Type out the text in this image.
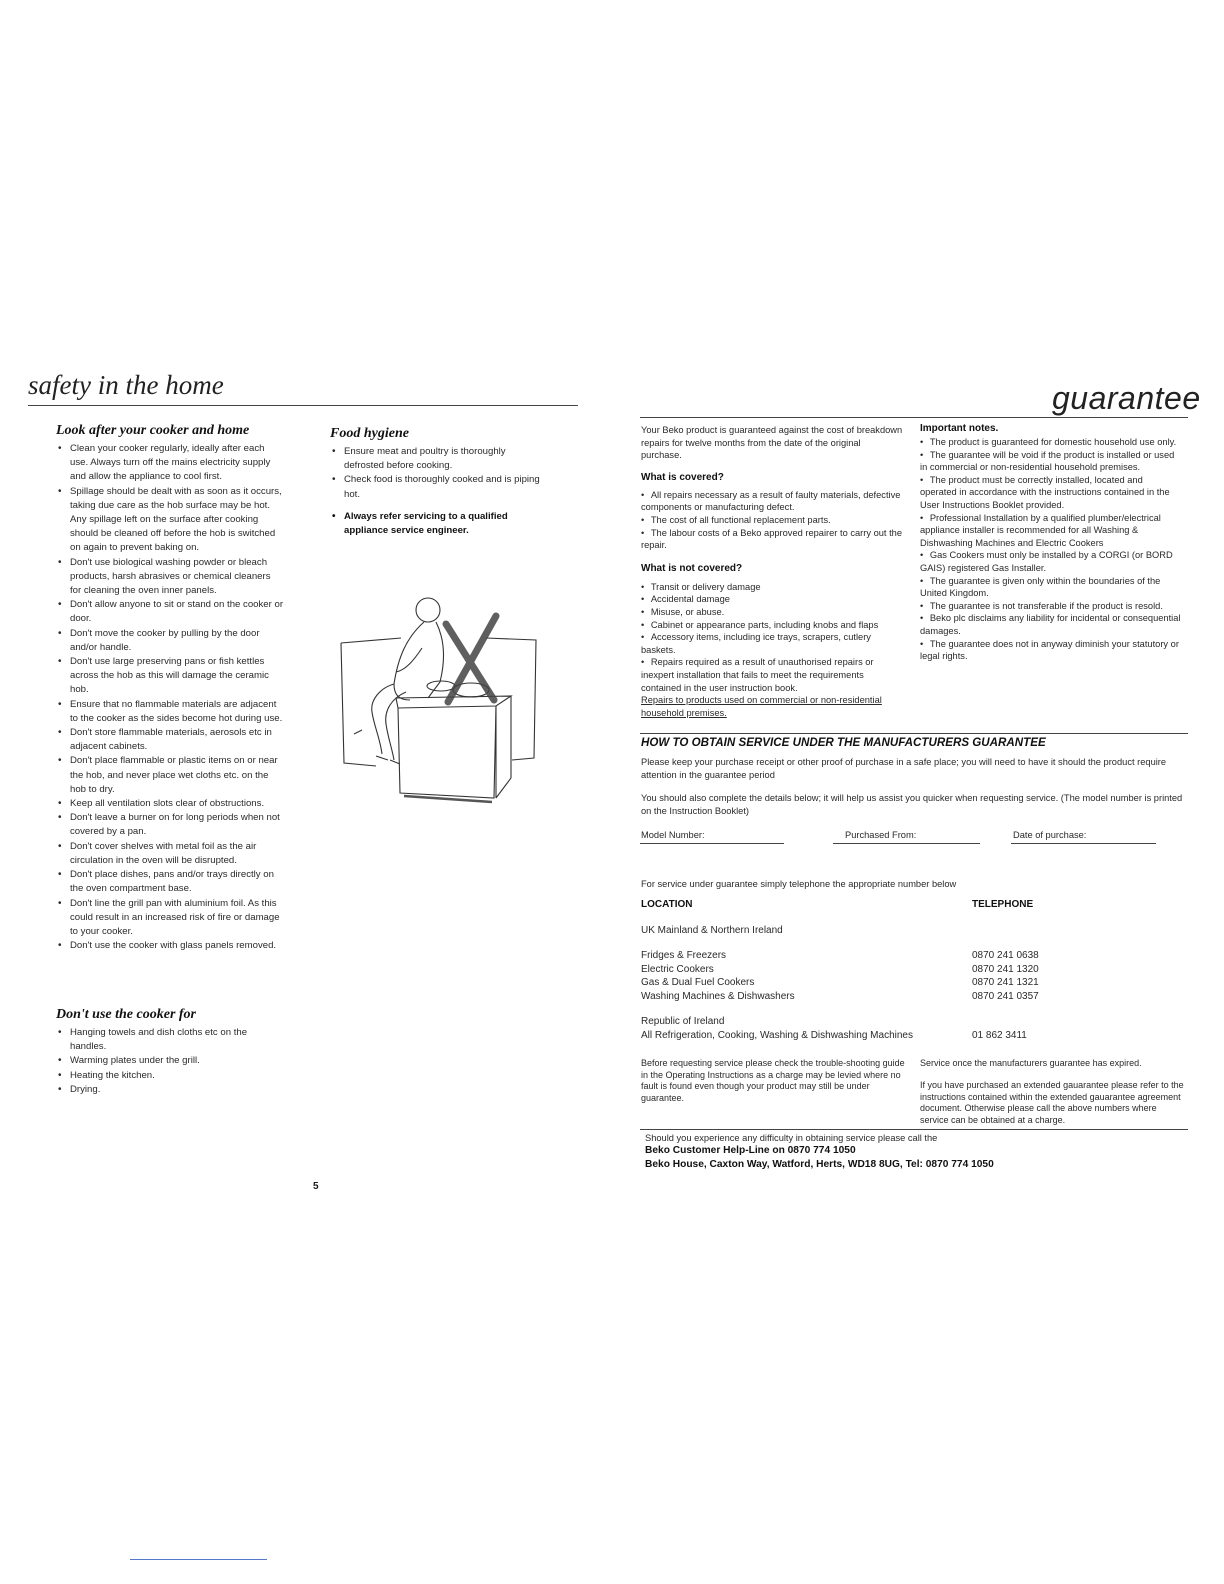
safety in the home
Look after your cooker and home
• Clean your cooker regularly, ideally after each use. Always turn off the mains electricity supply and allow the appliance to cool first.
• Spillage should be dealt with as soon as it occurs, taking due care as the hob surface may be hot. Any spillage left on the surface after cooking should be cleaned off before the hob is switched on again to prevent baking on.
• Don't use biological washing powder or bleach products, harsh abrasives or chemical cleaners for cleaning the oven inner panels.
• Don't allow anyone to sit or stand on the cooker or door.
• Don't move the cooker by pulling by the door and/or handle.
• Don't use large preserving pans or fish kettles across the hob as this will damage the ceramic hob.
• Ensure that no flammable materials are adjacent to the cooker as the sides become hot during use.
• Don't store flammable materials, aerosols etc in adjacent cabinets.
• Don't place flammable or plastic items on or near the hob, and never place wet cloths etc. on the hob to dry.
• Keep all ventilation slots clear of obstructions.
• Don't leave a burner on for long periods when not covered by a pan.
• Don't cover shelves with metal foil as the air circulation in the oven will be disrupted.
• Don't place dishes, pans and/or trays directly on the oven compartment base.
• Don't line the grill pan with aluminium foil. As this could result in an increased risk of fire or damage to your cooker.
• Don't use the cooker with glass panels removed.
Don't use the cooker for
• Hanging towels and dish cloths etc on the handles.
• Warming plates under the grill.
• Heating the kitchen.
• Drying.
Food hygiene
• Ensure meat and poultry is thoroughly defrosted before cooking.
• Check food is thoroughly cooked and is piping hot.
• Always refer servicing to a qualified appliance service engineer.
5
guarantee
Your Beko product is guaranteed against the cost of breakdown repairs for twelve months from the date of the original purchase.
What is covered?
• All repairs necessary as a result of faulty materials, defective components or manufacturing defect.
• The cost of all functional replacement parts.
• The labour costs of a Beko approved repairer to carry out the repair.
What is not covered?
• Transit or delivery damage
• Accidental damage
• Misuse, or abuse.
• Cabinet or appearance parts, including knobs and flaps
• Accessory items, including ice trays, scrapers, cutlery baskets.
• Repairs required as a result of unauthorised repairs or inexpert installation that fails to meet the requirements contained in the user instruction book.
Repairs to products used on commercial or non-residential household premises.
Important notes.
• The product is guaranteed for domestic household use only.
• The guarantee will be void if the product is installed or used in commercial or non-residential household premises.
• The product must be correctly installed, located and operated in accordance with the instructions contained in the User Instructions Booklet provided.
• Professional Installation by a qualified plumber/electrical appliance installer is recommended for all Washing & Dishwashing Machines and Electric Cookers
• Gas Cookers must only be installed by a CORGI (or BORD GAIS) registered Gas Installer.
• The guarantee is given only within the boundaries of the United Kingdom.
• The guarantee is not transferable if the product is resold.
• Beko plc disclaims any liability for incidental or consequential damages.
• The guarantee does not in anyway diminish your statutory or legal rights.
HOW TO OBTAIN SERVICE UNDER THE MANUFACTURERS GUARANTEE
Please keep your purchase receipt or other proof of purchase in a safe place; you will need to have it should the product require attention in the guarantee period
You should also complete the details below; it will help us assist you quicker when requesting service. (The model number is printed on the Instruction Booklet)
Model Number:	Purchased From:	Date of purchase:
For service under guarantee simply telephone the appropriate number below
LOCATION	TELEPHONE
UK Mainland & Northern Ireland
Fridges & Freezers	0870 241 0638
Electric Cookers	0870 241 1320
Gas & Dual Fuel Cookers	0870 241 1321
Washing Machines & Dishwashers	0870 241 0357
Republic of Ireland
All Refrigeration, Cooking, Washing & Dishwashing Machines	01 862 3411
Before requesting service please check the trouble-shooting guide in the Operating Instructions as a charge may be levied where no fault is found even though your product may still be under guarantee.
Service once the manufacturers guarantee has expired.
If you have purchased an extended gauarantee please refer to the instructions contained within the extended gauarantee agreement document. Otherwise please call the above numbers where service can be obtained at a charge.
Should you experience any difficulty in obtaining service please call the
Beko Customer Help-Line on 0870 774 1050
Beko House, Caxton Way, Watford, Herts, WD18 8UG, Tel: 0870 774 1050
